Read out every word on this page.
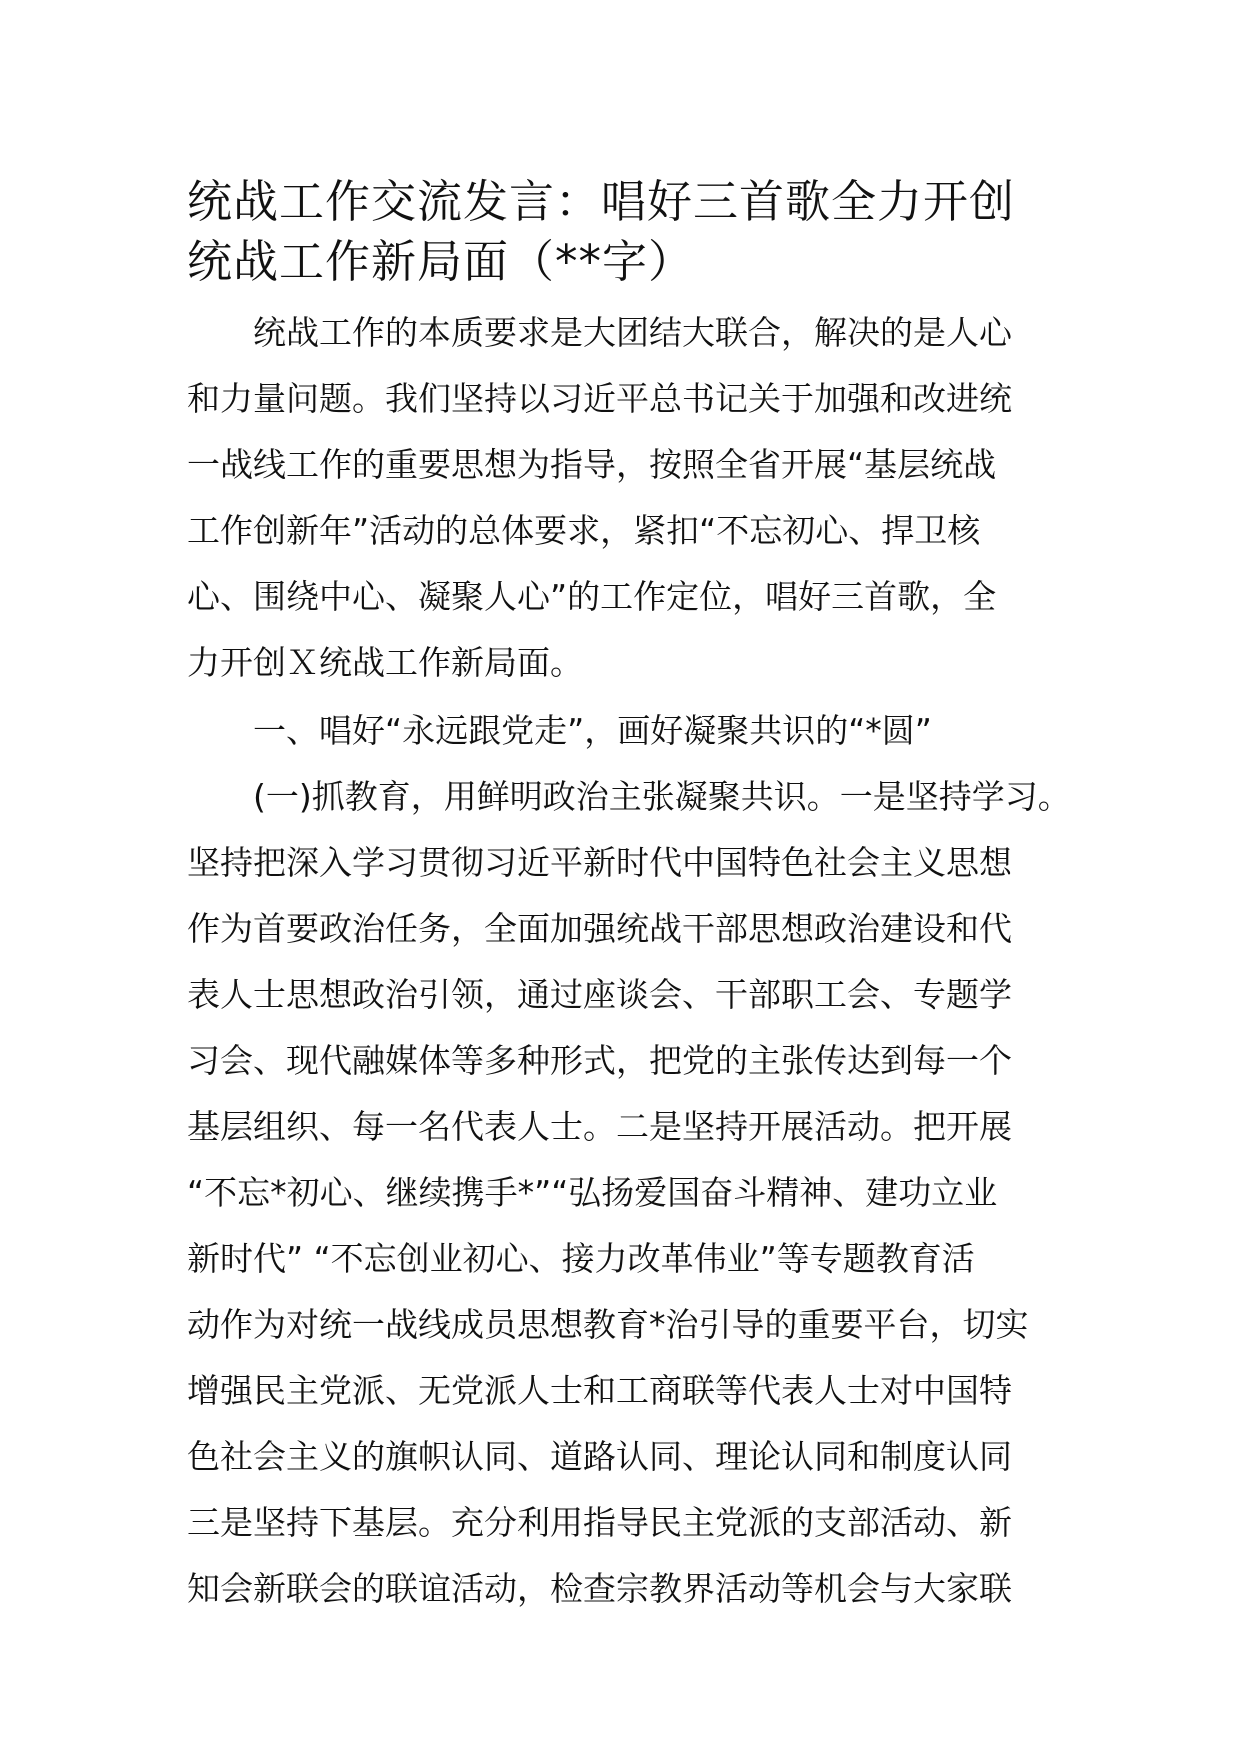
统战工作交流发言：唱好三首歌全力开创
统战工作新局面（**字）
统战工作的本质要求是大团结大联合，解决的是人心
和力量问题。我们坚持以习近平总书记关于加强和改进统
一战线工作的重要思想为指导，按照全省开展“基层统战
工作创新年”活动的总体要求，紧扣“不忘初心、捍卫核
心、围绕中心、凝聚人心”的工作定位，唱好三首歌，全
力开创Ｘ统战工作新局面。
一、唱好“永远跟党走”，画好凝聚共识的“*圆”
(一)抓教育，用鲜明政治主张凝聚共识。一是坚持学习。
坚持把深入学习贯彻习近平新时代中国特色社会主义思想
作为首要政治任务，全面加强统战干部思想政治建设和代
表人士思想政治引领，通过座谈会、干部职工会、专题学
习会、现代融媒体等多种形式，把党的主张传达到每一个
基层组织、每一名代表人士。二是坚持开展活动。把开展
“不忘*初心、继续携手*”“弘扬爱国奋斗精神、建功立业
新时代” “不忘创业初心、接力改革伟业”等专题教育活
动作为对统一战线成员思想教育*治引导的重要平台，切实
增强民主党派、无党派人士和工商联等代表人士对中国特
色社会主义的旗帜认同、道路认同、理论认同和制度认同
三是坚持下基层。充分利用指导民主党派的支部活动、新
知会新联会的联谊活动，检查宗教界活动等机会与大家联
